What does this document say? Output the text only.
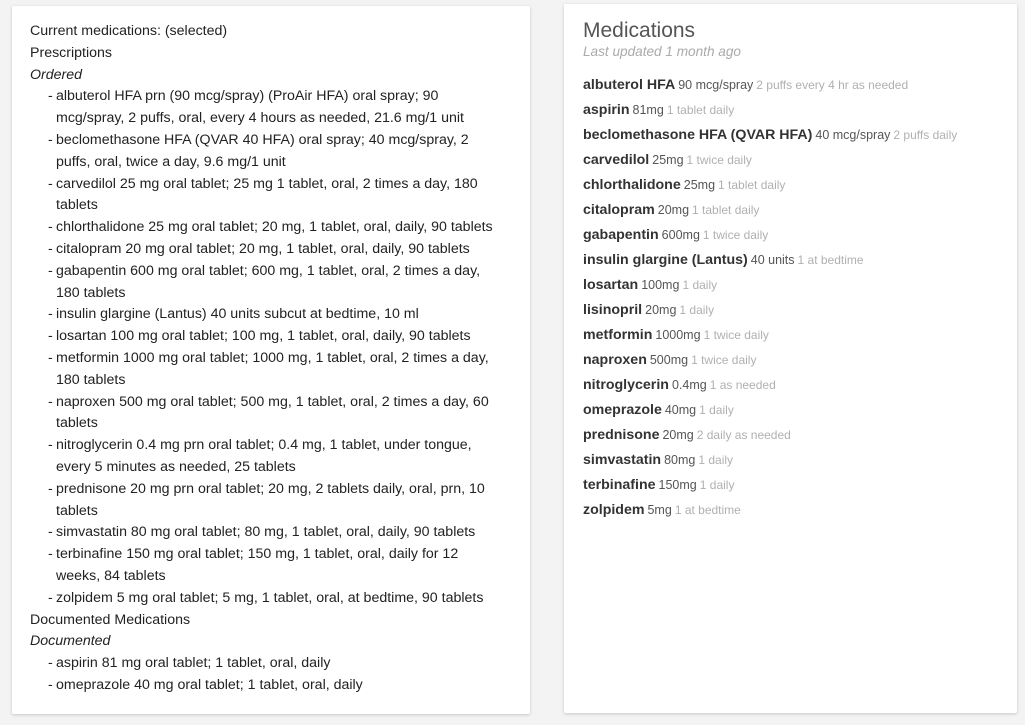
Current medications: (selected)
Prescriptions
Ordered
- albuterol HFA prn (90 mcg/spray) (ProAir HFA) oral spray; 90 mcg/spray, 2 puffs, oral, every 4 hours as needed, 21.6 mg/1 unit
- beclomethasone HFA (QVAR 40 HFA) oral spray; 40 mcg/spray, 2 puffs, oral, twice a day, 9.6 mg/1 unit
- carvedilol 25 mg oral tablet; 25 mg 1 tablet, oral, 2 times a day, 180 tablets
- chlorthalidone 25 mg oral tablet; 20 mg, 1 tablet, oral, daily, 90 tablets
- citalopram 20 mg oral tablet; 20 mg, 1 tablet, oral, daily, 90 tablets
- gabapentin 600 mg oral tablet; 600 mg, 1 tablet, oral, 2 times a day, 180 tablets
- insulin glargine (Lantus) 40 units subcut at bedtime, 10 ml
- losartan 100 mg oral tablet; 100 mg, 1 tablet, oral, daily, 90 tablets
- metformin 1000 mg oral tablet; 1000 mg, 1 tablet, oral, 2 times a day, 180 tablets
- naproxen 500 mg oral tablet; 500 mg, 1 tablet, oral, 2 times a day, 60 tablets
- nitroglycerin 0.4 mg prn oral tablet; 0.4 mg, 1 tablet, under tongue, every 5 minutes as needed, 25 tablets
- prednisone 20 mg prn oral tablet; 20 mg, 2 tablets daily, oral, prn, 10 tablets
- simvastatin 80 mg oral tablet; 80 mg, 1 tablet, oral, daily, 90 tablets
- terbinafine 150 mg oral tablet; 150 mg, 1 tablet, oral, daily for 12 weeks, 84 tablets
- zolpidem 5 mg oral tablet; 5 mg, 1 tablet, oral, at bedtime, 90 tablets
Documented Medications
Documented
- aspirin 81 mg oral tablet; 1 tablet, oral, daily
- omeprazole 40 mg oral tablet; 1 tablet, oral, daily
Medications
Last updated 1 month ago
albuterol HFA 90 mcg/spray 2 puffs every 4 hr as needed
aspirin 81mg 1 tablet daily
beclomethasone HFA (QVAR HFA) 40 mcg/spray 2 puffs daily
carvedilol 25mg 1 twice daily
chlorthalidone 25mg 1 tablet daily
citalopram 20mg 1 tablet daily
gabapentin 600mg 1 twice daily
insulin glargine (Lantus) 40 units 1 at bedtime
losartan 100mg 1 daily
lisinopril 20mg 1 daily
metformin 1000mg 1 twice daily
naproxen 500mg 1 twice daily
nitroglycerin 0.4mg 1 as needed
omeprazole 40mg 1 daily
prednisone 20mg 2 daily as needed
simvastatin 80mg 1 daily
terbinafine 150mg 1 daily
zolpidem 5mg 1 at bedtime
